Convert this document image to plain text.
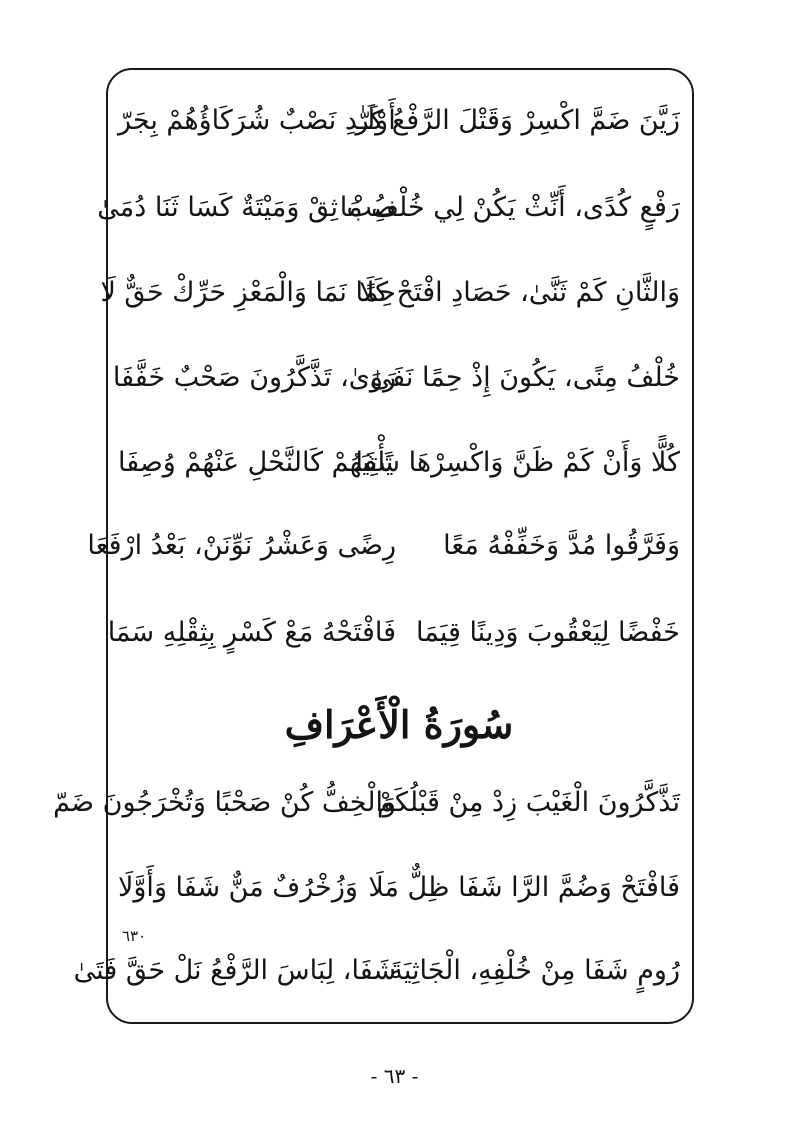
زَيَّنَ ضَمَّ اكْسِرْ وَقَتْلَ الرَّفْعُ كَرّ
أَوْلَـٰدِ نَصْبٌ شُرَكَاؤُهُمْ بِجَرّ
رَفْعٍ كُدًى، أَنِّثْ يَكُنْ لِي خُلْفُ مَا
صِبْ ثِقْ وَمَيْتَةٌ كَسَا ثَنَا دُمَىٰ
وَالثَّانِ كَمْ ثَنَّىٰ، حَصَادِ افْتَحْ كَلَا
حِمًا نَمَا وَالْمَعْزِ حَرِّكْ حَقٌّ لَا
خُلْفُ مِنًى، يَكُونَ إِذْ حِمًا نَفَىٰ
رَوَىٰ، تَذَّكَّرُونَ صَحْبٌ خَفَّفَا
كُلًّا وَأَنْ كَمْ ظَنَّ وَاكْسِرْهَا شَفَا
يَأْتِيَهُمْ كَالنَّحْلِ عَنْهُمْ وُصِفَا
وَفَرَّقُوا مُدَّ وَخَفِّفْهُ مَعًا
رِضًى وَعَشْرُ نَوِّنَنْ، بَعْدُ ارْفَعَا
خَفْضًا لِيَعْقُوبَ وَدِينًا قِيَمَا
فَافْتَحْهُ مَعْ كَسْرٍ بِثِقْلِهِ سَمَا
سُورَةُ الْأَعْرَافِ
تَذَّكَّرُونَ الْغَيْبَ زِدْ مِنْ قَبْلُكَمْ
وَالْخِفُّ كُنْ صَحْبًا وَتُخْرَجُونَ ضَمّ
فَافْتَحْ وَضُمَّ الرَّا شَفَا ظِلٌّ مَلَا
وَزُخْرُفٌ مَنٌّ شَفَا وَأَوَّلَا
٦٣٠
رُومٍ شَفَا مِنْ خُلْفِهِ، الْجَاثِيَةَ
شَفَا، لِبَاسَ الرَّفْعُ نَلْ حَقَّ فَتَىٰ
- ٦٣ -
